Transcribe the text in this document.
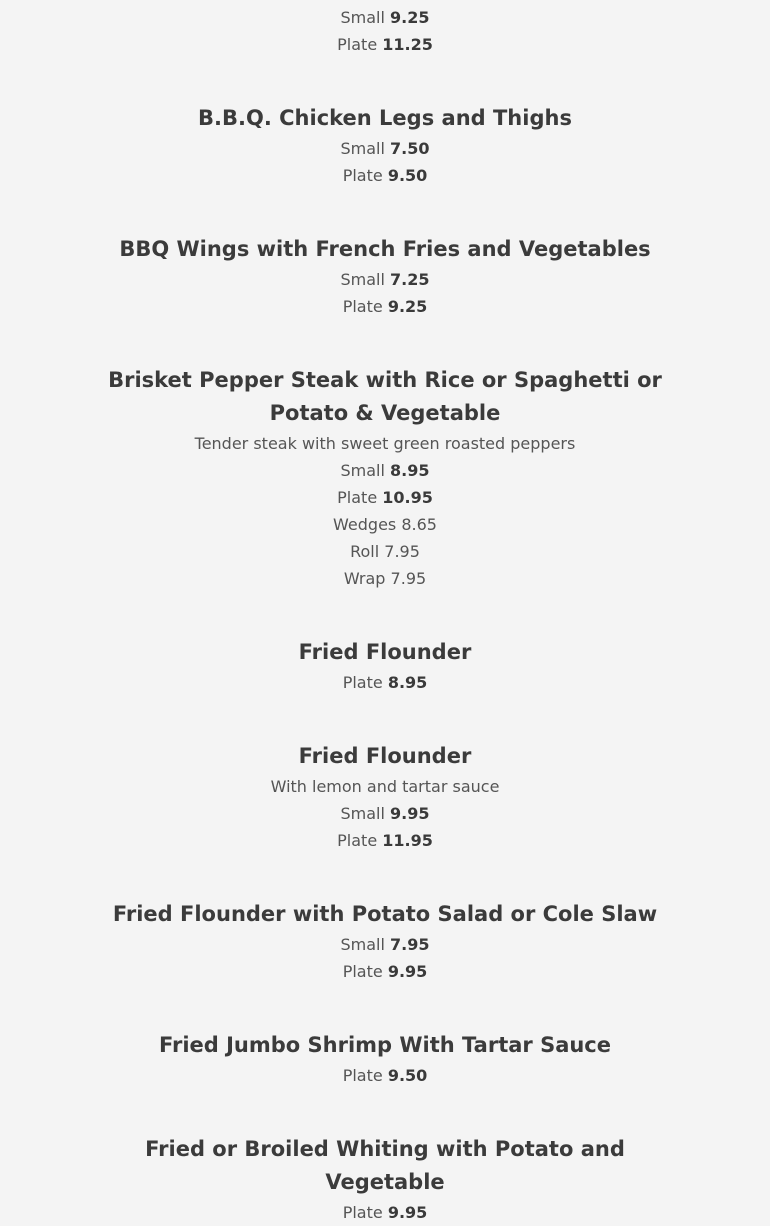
Small 9.25
Plate 11.25
B.B.Q. Chicken Legs and Thighs
Small 7.50
Plate 9.50
BBQ Wings with French Fries and Vegetables
Small 7.25
Plate 9.25
Brisket Pepper Steak with Rice or Spaghetti or Potato & Vegetable
Tender steak with sweet green roasted peppers
Small 8.95
Plate 10.95
Wedges 8.65
Roll 7.95
Wrap 7.95
Fried Flounder
Plate 8.95
Fried Flounder
With lemon and tartar sauce
Small 9.95
Plate 11.95
Fried Flounder with Potato Salad or Cole Slaw
Small 7.95
Plate 9.95
Fried Jumbo Shrimp With Tartar Sauce
Plate 9.50
Fried or Broiled Whiting with Potato and Vegetable
Plate 9.95
